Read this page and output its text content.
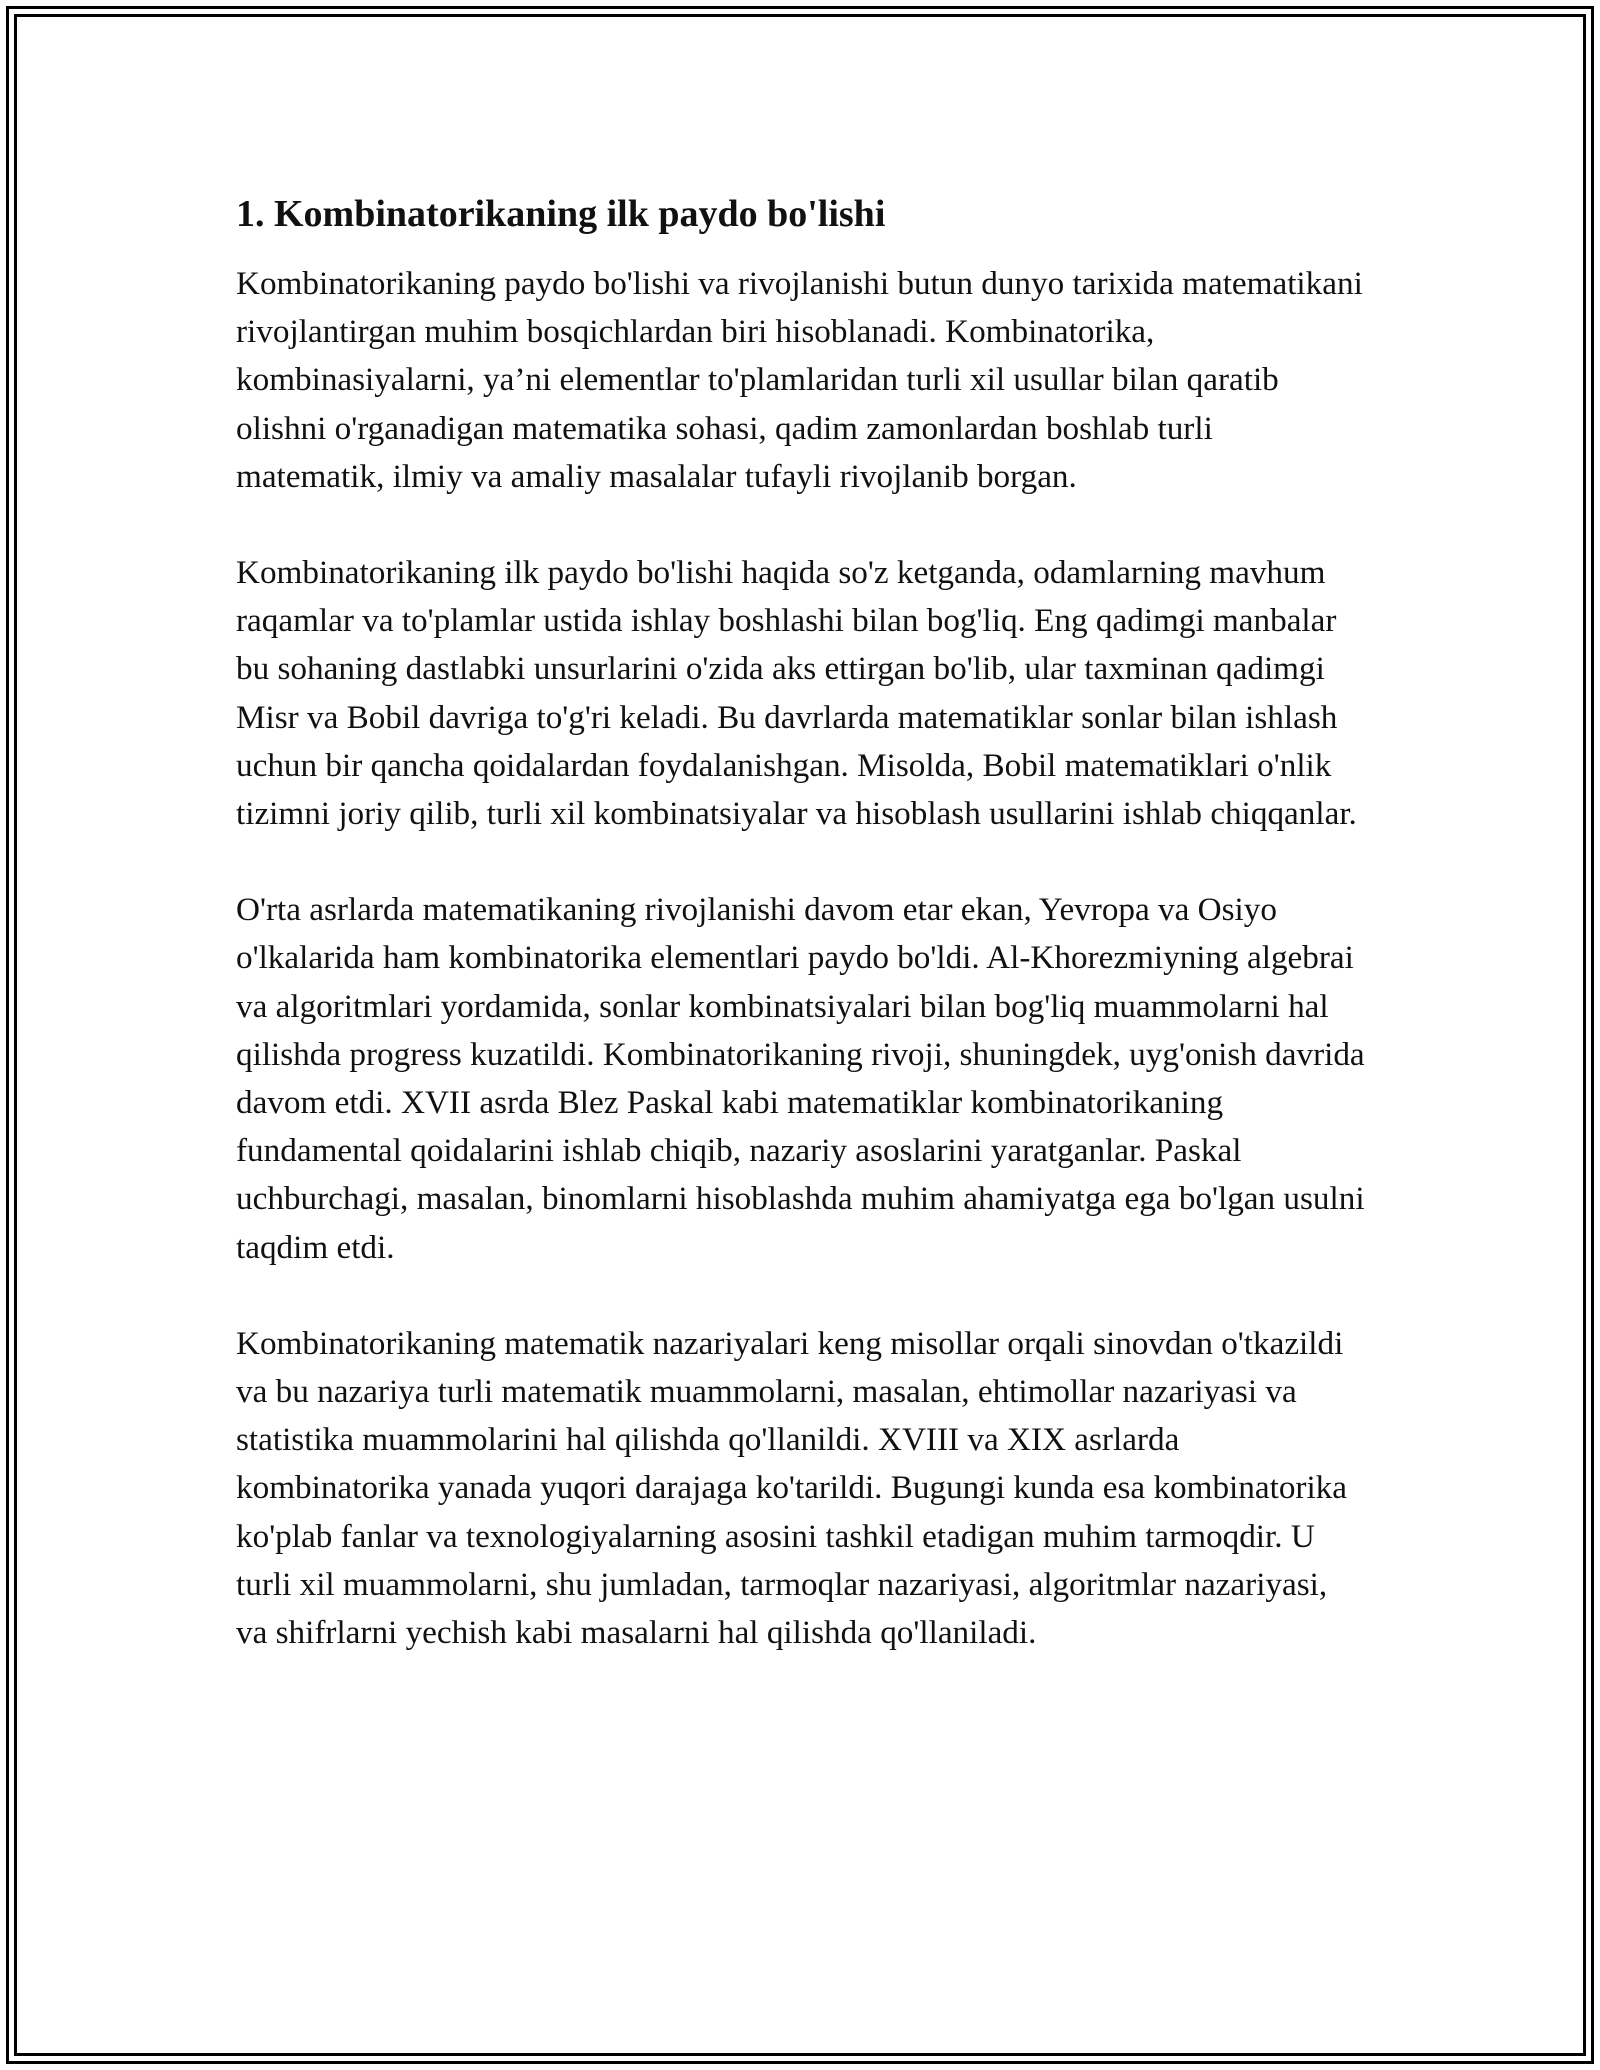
1. Kombinatorikaning ilk paydo bo'lishi

Kombinatorikaning paydo bo'lishi va rivojlanishi butun dunyo tarixida matematikani rivojlantirgan muhim bosqichlardan biri hisoblanadi. Kombinatorika, kombinasiyalarni, ya’ni elementlar to'plamlaridan turli xil usullar bilan qaratib olishni o'rganadigan matematika sohasi, qadim zamonlardan boshlab turli matematik, ilmiy va amaliy masalalar tufayli rivojlanib borgan.

Kombinatorikaning ilk paydo bo'lishi haqida so'z ketganda, odamlarning mavhum raqamlar va to'plamlar ustida ishlay boshlashi bilan bog'liq. Eng qadimgi manbalar bu sohaning dastlabki unsurlarini o'zida aks ettirgan bo'lib, ular taxminan qadimgi Misr va Bobil davriga to'g'ri keladi. Bu davrlarda matematiklar sonlar bilan ishlash uchun bir qancha qoidalardan foydalanishgan. Misolda, Bobil matematiklari o'nlik tizimni joriy qilib, turli xil kombinatsiyalar va hisoblash usullarini ishlab chiqqanlar.

O'rta asrlarda matematikaning rivojlanishi davom etar ekan, Yevropa va Osiyo o'lkalarida ham kombinatorika elementlari paydo bo'ldi. Al-Khorezmiyning algebrai va algoritmlari yordamida, sonlar kombinatsiyalari bilan bog'liq muammolarni hal qilishda progress kuzatildi. Kombinatorikaning rivoji, shuningdek, uyg'onish davrida davom etdi. XVII asrda Blez Paskal kabi matematiklar kombinatorikaning fundamental qoidalarini ishlab chiqib, nazariy asoslarini yaratganlar. Paskal uchburchagi, masalan, binomlarni hisoblashda muhim ahamiyatga ega bo'lgan usulni taqdim etdi.

Kombinatorikaning matematik nazariyalari keng misollar orqali sinovdan o'tkazildi va bu nazariya turli matematik muammolarni, masalan, ehtimollar nazariyasi va statistika muammolarini hal qilishda qo'llanildi. XVIII va XIX asrlarda kombinatorika yanada yuqori darajaga ko'tarildi. Bugungi kunda esa kombinatorika ko'plab fanlar va texnologiyalarning asosini tashkil etadigan muhim tarmoqdir. U turli xil muammolarni, shu jumladan, tarmoqlar nazariyasi, algoritmlar nazariyasi, va shifrlarni yechish kabi masalarni hal qilishda qo'llaniladi.
